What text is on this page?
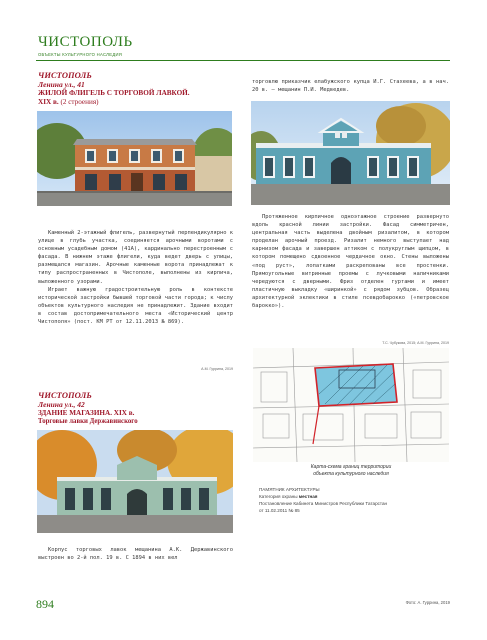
ЧИСТОПОЛЬ
ОБЪЕКТЫ КУЛЬТУРНОГО НАСЛЕДИЯ
ЧИСТОПОЛЬ
Ленина ул., 41
ЖИЛОЙ ФЛИГЕЛЬ С ТОРГОВОЙ ЛАВКОЙ.
XIX в. (2 строения)

Каменный 2-этажный флигель, развернутый перпендикулярно к улице в глубь участка, соединяется арочными воротами с основным усадебным домом (41А), кардинально перестроенным с фасада. В нижнем этаже флигели, куда ведет дверь с улицы, размещался магазин. Арочные каменные ворота принадлежат к типу распространенных в Чистополе, выполнены из кирпича, выложенного узорами.

Играет важную градостроительную роль в контексте исторической застройки бывшей торговой части города; к числу объектов культурного наследия не принадлежит. Здание входит в состав достопримечательного места «Исторический центр Чистополя» (пост. КМ РТ от 12.11.2013 № 869).

А.М. Гуррина, 2019

торговлю приказчик елабужского купца И.Г. Стахеева, а в нач. 20 в. — мещанин П.И. Медведев.

Протяженное кирпичное одноэтажное строение развернуто вдоль красной линии застройки. Фасад симметричен, центральная часть выделена двойным ризалитом, в котором проделан арочный проезд. Ризалит немного выступает над карнизом фасада и завершен аттиком с полукруглым щипцом, в котором помещено сдвоенное чердачное окно. Стены выложены «под руст», лопатками раскрепованы все простенки. Прямоугольные витринные проемы с лучковыми наличниками чередуются с дверными. Фриз отделен гуртами и имеет пластичную выкладку «ширинкой» с рядом зубцов. Образец архитектурной эклектики в стиле псевдобарокко («петровское барокко»).

Т.С. Чубукова, 2015; А.М. Гуррина, 2019
ЧИСТОПОЛЬ
Ленина ул., 42
ЗДАНИЕ МАГАЗИНА. XIX в.
Торговые лавки Державинского

Корпус торговых лавок мещанина А.К. Державинского выстроен во 2-й пол. 19 в. С 1894 в них вел

Карта-схема границ территории
объекта культурного наследия
ПАМЯТНИК АРХИТЕКТУРЫ
Категория охраны местная
Постановление Кабинета Министров Республики Татарстан
от 11.02.2011 № 85
894	Фото: А. Гуррина, 2019
